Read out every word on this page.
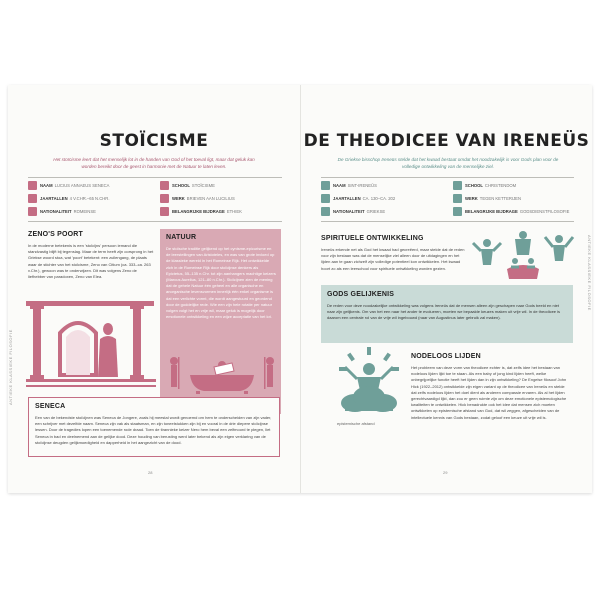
ANTIEKE KLASSIEKE FILOSOFIE
STOÏCISME
Het stoïcisme leert dat het menselijk lot in de handen van God of het toeval ligt, maar dat geluk kan worden bereikt door de geest in harmonie met de Natuur te laten leven.
NAAM LUCIUS ANNAEUS SENECA	SCHOOL STOÏCISME
JAARTALLEN 4 V.CHR.–65 N.CHR.	WERK BRIEVEN AAN LUCILIUS
NATIONALITEIT ROMEINSE	BELANGRIJKE BIJDRAGE ETHIEK
ZENO'S POORT
In de moderne betekenis is een 'stoïcijns' persoon iemand die standvastig blijft bij tegenslag. Maar de term heeft zijn oorsprong in het Griekse woord stoa, wat 'poort' betekent: een zuilengang, de plaats waar de stichter van het stoïcisme, Zeno van Citium (ca. 333–ca. 263 v.Chr.), gewoon was te onderwijzen. Dit was volgens Zeno de liefhebber van paradoxen, Zeno van Elea.
NATUUR
De stoïsche traditie gelijkend op het cynisme-epicurisme en de leerstellingen van Aristoteles, en was van grote invloed op de klassieke wereld in het Romeinse Rijk. Het ontwikkelde zich in de Romeinse Rijk door stoïcijnse denkers als Epictetus, 55–135 n.Chr. tot zijn aanhangers machtige keizers (Marcus Aurelius, 121–80 n.Chr.). Stoïcijnen zien de mening dat de gehele Natuur één geheel en alle organische en anorganische levensvormen innerlijk één enkel organisme is dat een verlichte vormt, die wordt aangestuurd en geordend door de goddelijke rede. Wie een zijn hele rotatie per natuur volgen volgt het en vrije wil, maar geluk is mogelijk door emotionele ontwikkeling en een wijze acceptatie van het lot.
SENECA
Een van de bekendste stoïcijnen was Seneca de Jongere, zoals hij meestal wordt genoemd om hem te onderscheiden van zijn vader, een schrijver met dezelfde naam. Seneca zijn vak als staatsman, en zijn toneelstukken zijn bij en vooral in de drie diepere stoïcijnse lessen. Door de tragedies lopen een toenemende rode draad. Toen de tirannieke keizer Nero hem beval een zelfmoord te plegen, liet Seneca in bad en deelnemend aan de gelijke dood. Deze houding van berusting werd later bekend als zijn eigen verklaring van de stoïcijnse deugden gelijkmoedigheid en dapperheid in het aangezicht van de dood.
28
ANTIEKE KLASSIEKE FILOSOFIE
DE THEODICEE VAN IRENEÜS
De Griekse bisschop Ireneüs stelde dat het kwaad bestaat omdat het noodzakelijk is voor Gods plan voor de volledige ontwikkeling van de menselijke ziel.
NAAM SINT-IRENEÜS	SCHOOL CHRISTENDOM
JAARTALLEN CA. 130–CA. 202	WERK TEGEN KETTERIJEN
NATIONALITEIT GRIEKSE	BELANGRIJKE BIJDRAGE GODSDIENSTFILOSOFIE
SPIRITUELE ONTWIKKELING
Ireneüs erkende net als God het kwaad had gecreëerd, maar stelde dat de reden voor zijn bestaan was dat de menselijke ziel alleen door de uitdagingen en het lijden aan te gaan zichzelf zijn volledige potentieel kon ontwikkelen. Het kwaad hoort zo als een leerschool voor spirituele ontwikkeling worden gezien.
GODS GELIJKENIS
De reden voor deze noodzakelijke ontwikkeling was volgens Ireneüs dat de mensen alleen zijn geschapen naar Gods beeld en niet naar zijn gelijkenis. Om van het een naar het ander te evolueren, moeten we bepaalde keuzes maken uit vrije wil. In de theodicee is daarom een centrale rol van de vrije wil ingebouwd (naar van Augustinus later gebruik zal maken).
epistemische afstand
NODELOOS LIJDEN
Het probleem van deze vorm van theodicee echter is, dat zelfs idee het bestaan van nodeloos lijden lijkt toe te staan. Als een baby of jong kind lijden heeft, welke onbegrijpelijke functie heeft het lijden dan in zijn ontwikkeling? De Engelse filosoof John Hick (1922–2012) ontwikkelde zijn eigen variant op de theodicee van Ireneüs en stelde dat zelfs nodeloos lijden het doel dient als anderen compassie ervaren. Als al het lijden gerechtvaardigd lijkt, dan zou er geen ruimte zijn om deze emotionele epistemologische kwaliteiten te ontwikkelen. Hick benadrukte ook het idee dat mensen zich moeten ontwikkelen op epistemische afstand van God, dat wil zeggen, afgescheiden van de intellectuele kennis van Gods bestaan, zodat geloof een keuze uit vrije wil is.
29
